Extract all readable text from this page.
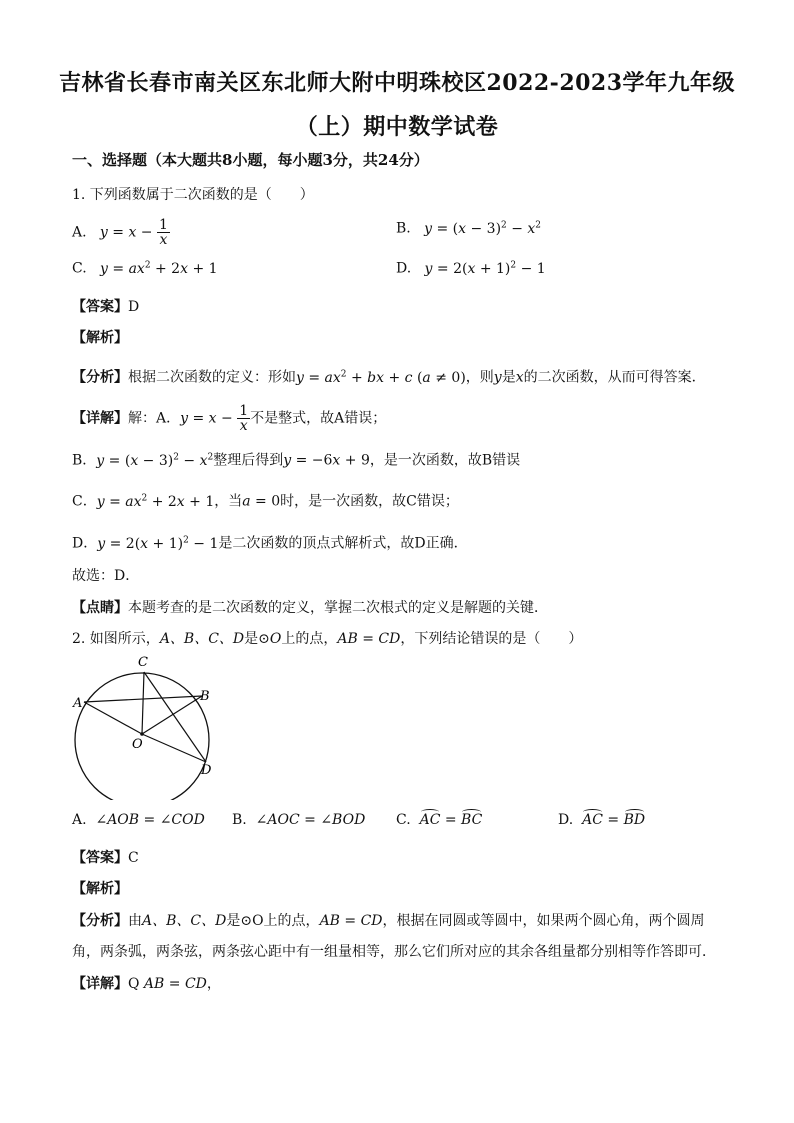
吉林省长春市南关区东北师大附中明珠校区2022-2023学年九年级
（上）期中数学试卷
一、选择题（本大题共8小题，每小题3分，共24分）
1. 下列函数属于二次函数的是（　　）
A.   $y = x - \frac{1}{x}$	B.   $y = (x - 3)^2 - x^2$
C.   $y = ax^2 + 2x + 1$	D.   $y = 2(x + 1)^2 - 1$
【答案】D
【解析】
【分析】根据二次函数的定义：形如$y = ax^2$ + bx + c (a ≠ 0)，则y是x的二次函数，从而可得答案．
【详解】解：A．$y = x - \frac{1}{x}$ 不是整式，故A错误；
B．$y = (x - 3)^2 - x^2$整理后得到y = −6x + 9，是一次函数，故B错误
C．$y = ax^2 + 2x + 1$，当a = 0时，是一次函数，故C错误；
D．$y = 2(x + 1)^2 - 1$是二次函数的顶点式解析式，故D正确．
故选：D．
【点睛】本题考查的是二次函数的定义，掌握二次根式的定义是解题的关键．
2. 如图所示，A、B、C、D是⊙O上的点，AB = CD，下列结论错误的是（　　）
C
A	B
O
D
A.  ∠AOB = ∠COD B.  ∠AOC = ∠BOD C. AC = BC	D. AC = BD
【答案】C
【解析】
【分析】由A、B、C、D是⊙O上的点，AB = CD，根据在同圆或等圆中，如果两个圆心角，两个圆周
角，两条弧，两条弦，两条弦心距中有一组量相等，那么它们所对应的其余各组量都分别相等作答即可．
【详解】Q AB = CD，
